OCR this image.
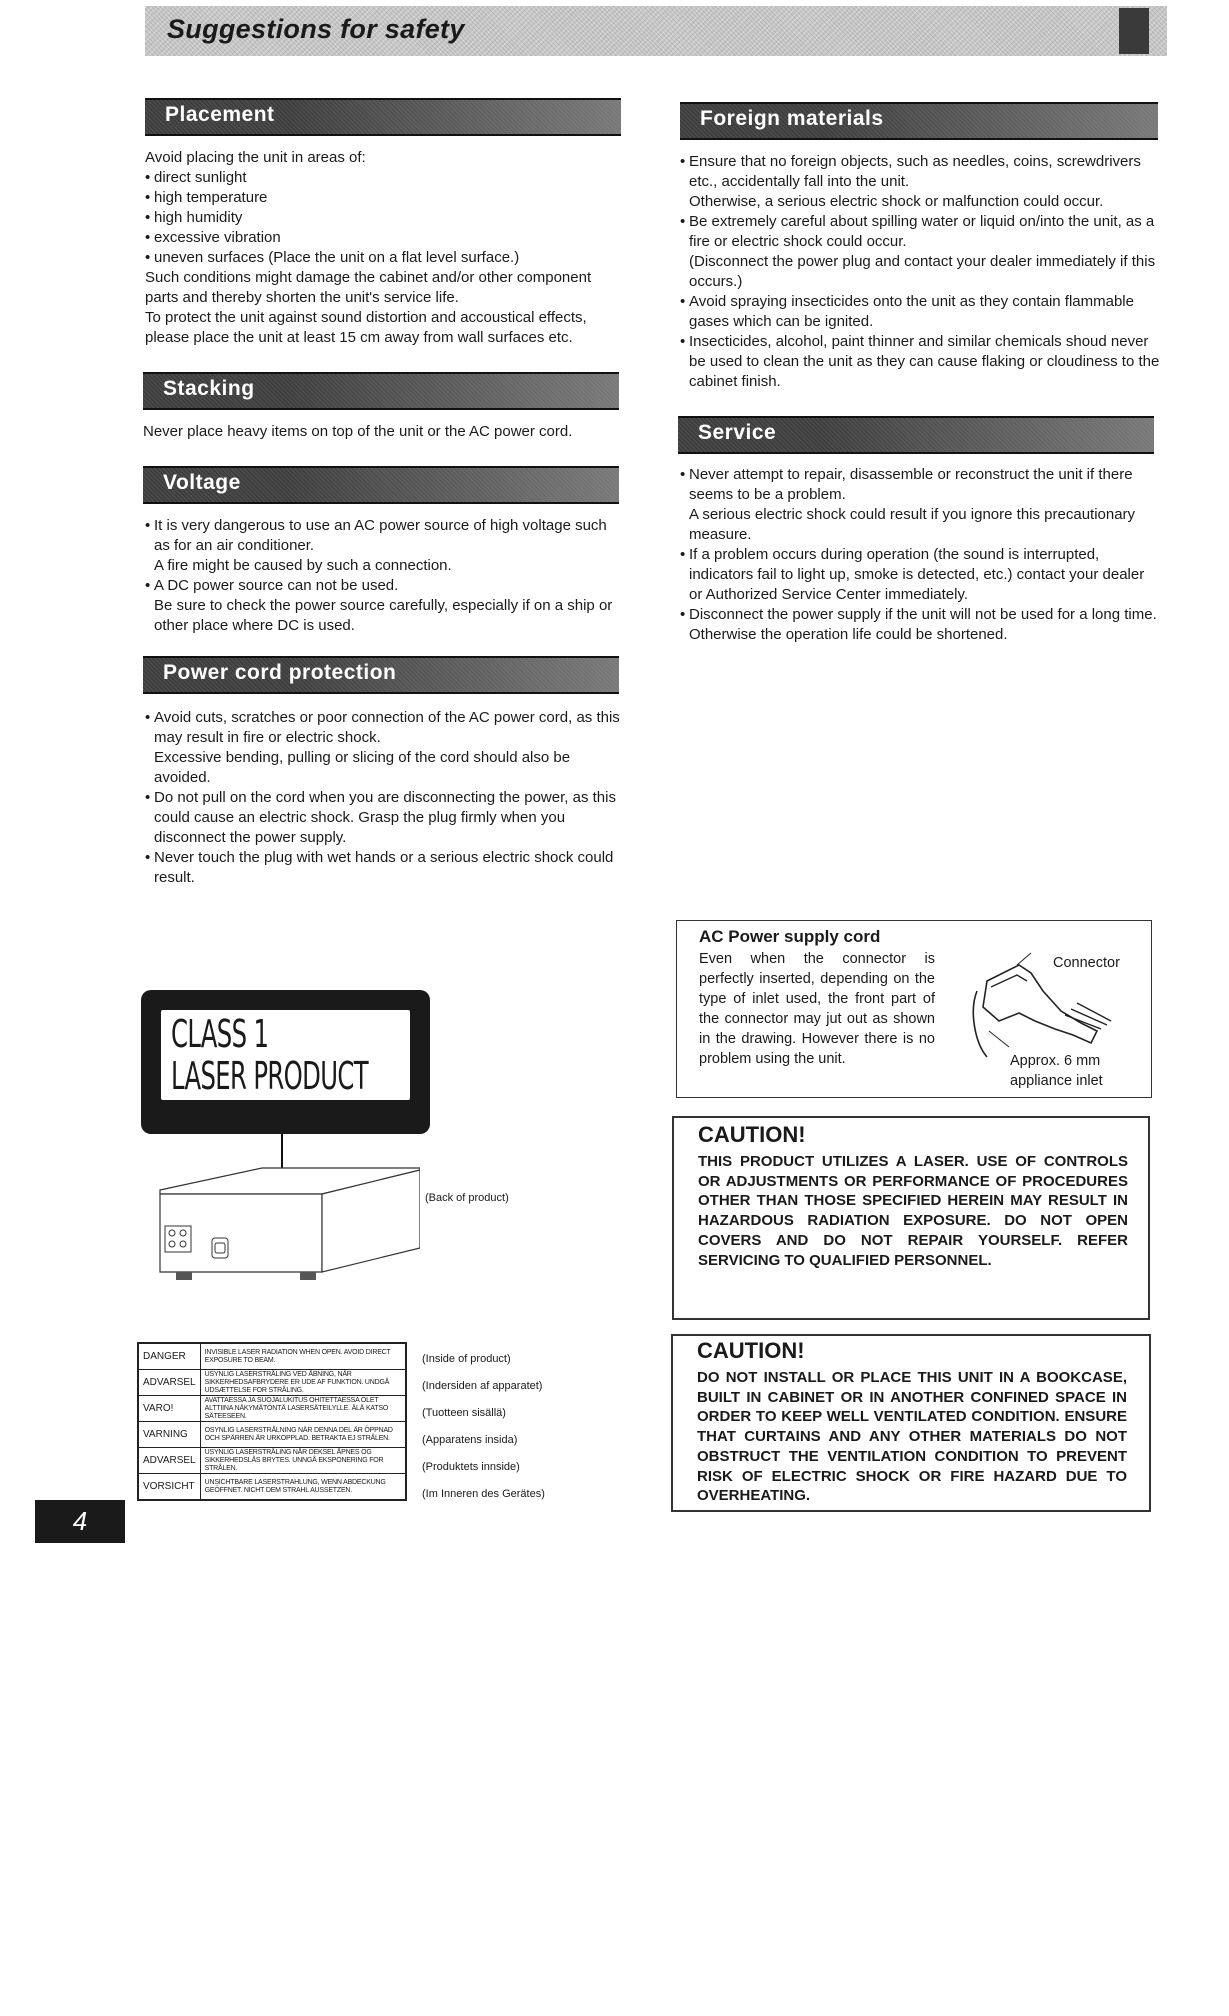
Suggestions for safety
Placement

Avoid placing the unit in areas of:

• direct sunlight
• high temperature
• high humidity
• excessive vibration
• uneven surfaces (Place the unit on a flat level surface.)

Such conditions might damage the cabinet and/or other component parts and thereby shorten the unit's service life.

To protect the unit against sound distortion and accoustical effects, please place the unit at least 15 cm away from wall surfaces etc.

Stacking

Never place heavy items on top of the unit or the AC power cord.

Voltage
• It is very dangerous to use an AC power source of high voltage such as for an air conditioner.

A fire might be caused by such a connection.

• A DC power source can not be used.

Be sure to check the power source carefully, especially if on a ship or other place where DC is used.

Power cord protection
• Avoid cuts, scratches or poor connection of the AC power cord, as this may result in fire or electric shock.

Excessive bending, pulling or slicing of the cord should also be avoided.

• Do not pull on the cord when you are disconnecting the power, as this could cause an electric shock. Grasp the plug firmly when you disconnect the power supply.
• Never touch the plug with wet hands or a serious electric shock could result.
Foreign materials
• Ensure that no foreign objects, such as needles, coins, screwdrivers etc., accidentally fall into the unit.

Otherwise, a serious electric shock or malfunction could occur.

• Be extremely careful about spilling water or liquid on/into the unit, as a fire or electric shock could occur.

(Disconnect the power plug and contact your dealer immediately if this occurs.)

• Avoid spraying insecticides onto the unit as they contain flammable gases which can be ignited.
• Insecticides, alcohol, paint thinner and similar chemicals shoud never be used to clean the unit as they can cause flaking or cloudiness to the cabinet finish.
Service
• Never attempt to repair, disassemble or reconstruct the unit if there seems to be a problem.

A serious electric shock could result if you ignore this precautionary measure.

• If a problem occurs during operation (the sound is interrupted, indicators fail to light up, smoke is detected, etc.) contact your dealer or Authorized Service Center immediately.
• Disconnect the power supply if the unit will not be used for a long time. Otherwise the operation life could be shortened.
CLASS 1
LASER PRODUCT
(Back of product)
DANGER	INVISIBLE LASER RADIATION WHEN OPEN. AVOID DIRECT EXPOSURE TO BEAM.
ADVARSEL	USYNLIG LASERSTRÅLING VED ÅBNING, NÅR SIKKERHEDSAFBRYDERE ER UDE AF FUNKTION. UNDGÅ UDSÆTTELSE FOR STRÅLING.
VARO!	AVATTAESSA JA SUOJALUKITUS OHITETTAESSA OLET ALTTIINA NÄKYMÄTÖNTÄ LASERSÄTEILYLLE. ÄLÄ KATSO SÄTEESEEN.
VARNING	OSYNLIG LASERSTRÅLNING NÄR DENNA DEL ÄR ÖPPNAD OCH SPÄRREN ÄR URKOPPLAD. BETRAKTA EJ STRÅLEN.
ADVARSEL	USYNLIG LASERSTRÅLING NÅR DEKSEL ÅPNES OG SIKKERHEDSLÅS BRYTES. UNNGÅ EKSPONERING FOR STRÅLEN.
VORSICHT	UNSICHTBARE LASERSTRAHLUNG, WENN ABDECKUNG GEÖFFNET. NICHT DEM STRAHL AUSSETZEN.
(Inside of product)
(Indersiden af apparatet)
(Tuotteen sisällä)
(Apparatens insida)
(Produktets innside)
(Im Inneren des Gerätes)
AC Power supply cord
Even when the connector is perfectly inserted, depending on the type of inlet used, the front part of the connector may jut out as shown in the drawing. However there is no problem using the unit.
Connector
Approx. 6 mm
appliance inlet
CAUTION!
THIS PRODUCT UTILIZES A LASER. USE OF CONTROLS OR ADJUSTMENTS OR PERFORMANCE OF PROCEDURES OTHER THAN THOSE SPECIFIED HEREIN MAY RESULT IN HAZARDOUS RADIATION EXPOSURE. DO NOT OPEN COVERS AND DO NOT REPAIR YOURSELF. REFER SERVICING TO QUALIFIED PERSONNEL.
CAUTION!
DO NOT INSTALL OR PLACE THIS UNIT IN A BOOKCASE, BUILT IN CABINET OR IN ANOTHER CONFINED SPACE IN ORDER TO KEEP WELL VENTILATED CONDITION. ENSURE THAT CURTAINS AND ANY OTHER MATERIALS DO NOT OBSTRUCT THE VENTILATION CONDITION TO PREVENT RISK OF ELECTRIC SHOCK OR FIRE HAZARD DUE TO OVERHEATING.
4
